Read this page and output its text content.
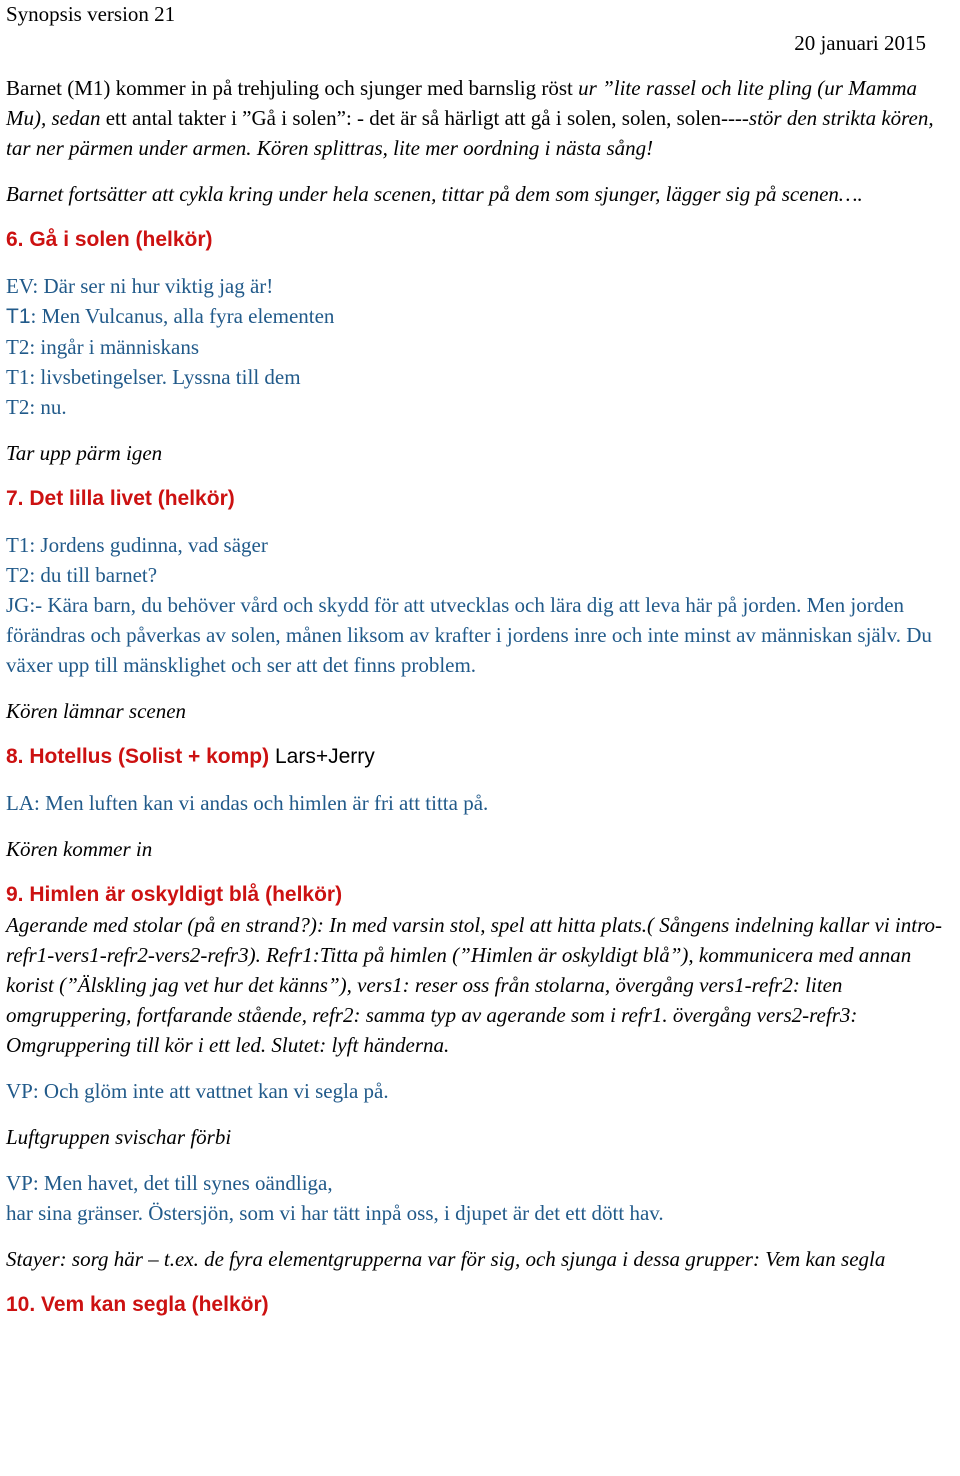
Synopsis version 21
20 januari 2015

Barnet (M1) kommer in på trehjuling och sjunger med barnslig röst ur ”lite rassel och lite pling (ur Mamma Mu), sedan ett antal takter i ”Gå i solen”: - det är så härligt att gå i solen, solen, solen----stör den strikta kören, tar ner pärmen under armen. Kören splittras, lite mer oordning i nästa sång!

Barnet fortsätter att cykla kring under hela scenen, tittar på dem som sjunger, lägger sig på scenen….

6. Gå i solen (helkör)

EV: Där ser ni hur viktig jag är!

T1: Men Vulcanus, alla fyra elementen

T2: ingår i människans

T1: livsbetingelser. Lyssna till dem

T2: nu.

Tar upp pärm igen

7. Det lilla livet (helkör)

T1: Jordens gudinna, vad säger

T2: du till barnet?

JG:- Kära barn, du behöver vård och skydd för att utvecklas och lära dig att leva här på jorden. Men jorden förändras och påverkas av solen, månen liksom av krafter i jordens inre och inte minst av människan själv. Du växer upp till mänsklighet och ser att det finns problem.

Kören lämnar scenen

8. Hotellus (Solist + komp) Lars+Jerry

LA: Men luften kan vi andas och himlen är fri att titta på.

Kören kommer in

9. Himlen är oskyldigt blå (helkör)

Agerande med stolar (på en strand?): In med varsin stol, spel att hitta plats.( Sångens indelning kallar vi intro-refr1-vers1-refr2-vers2-refr3). Refr1:Titta på himlen (”Himlen är oskyldigt blå”), kommunicera med annan korist (”Älskling jag vet hur det känns”), vers1: reser oss från stolarna, övergång vers1-refr2: liten omgruppering, fortfarande stående, refr2: samma typ av agerande som i refr1. övergång vers2-refr3: Omgruppering till kör i ett led. Slutet: lyft händerna.

VP: Och glöm inte att vattnet kan vi segla på.

Luftgruppen svischar förbi

VP: Men havet, det till synes oändliga,

har sina gränser. Östersjön, som vi har tätt inpå oss, i djupet är det ett dött hav.

Stayer: sorg här – t.ex. de fyra elementgrupperna var för sig, och sjunga i dessa grupper: Vem kan segla

10. Vem kan segla (helkör)
